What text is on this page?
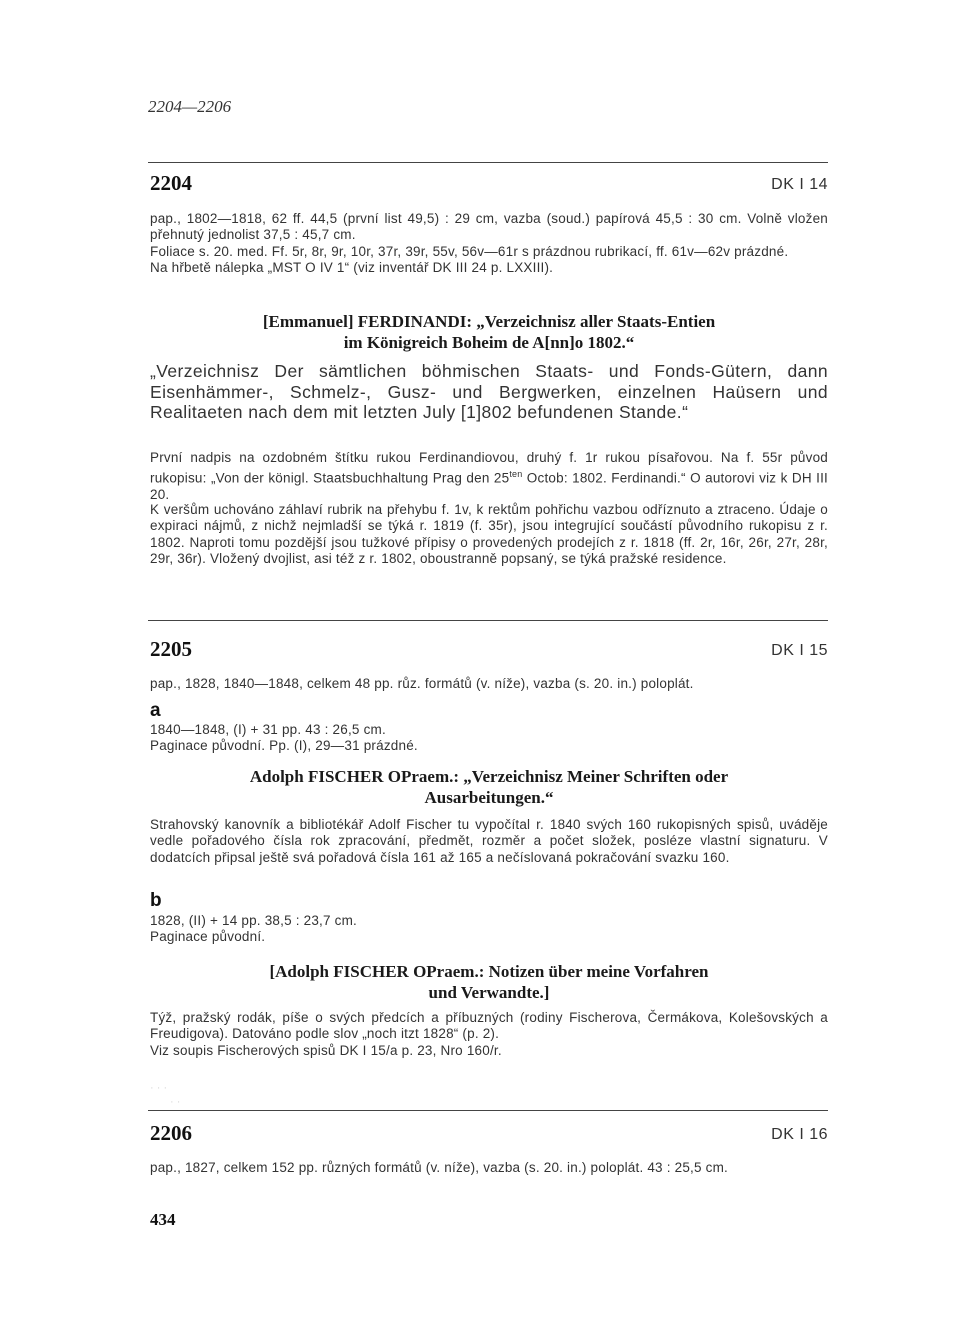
2204—2206
2204	DK I 14
pap., 1802—1818, 62 ff. 44,5 (první list 49,5) : 29 cm, vazba (soud.) papírová 45,5 : 30 cm. Volně vložen přehnutý jednolist 37,5 : 45,7 cm.
Foliace s. 20. med. Ff. 5r, 8r, 9r, 10r, 37r, 39r, 55v, 56v—61r s prázdnou rubrikací, ff. 61v—62v prázdné.
Na hřbetě nálepka „MST O IV 1“ (viz inventář DK III 24 p. LXXIII).
[Emmanuel] FERDINANDI: „Verzeichnisz aller Staats-Entien
im Königreich Boheim de A[nn]o 1802.“
„Verzeichnisz Der sämtlichen böhmischen Staats- und Fonds-Gütern, dann Eisenhämmer-, Schmelz-, Gusz- und Bergwerken, einzelnen Haüsern und Realitaeten nach dem mit letzten July [1]802 befundenen Stande.“
První nadpis na ozdobném štítku rukou Ferdinandiovou, druhý f. 1r rukou písařovou. Na f. 55r původ rukopisu: „Von der königl. Staatsbuchhaltung Prag den $25^{ten}$ Octob: 1802. Ferdinandi.“ O autorovi viz k DH III 20.
K veršům uchováno záhlaví rubrik na přehybu f. 1v, k rektům pohřichu vazbou odříznuto a ztraceno. Údaje o expiraci nájmů, z nichž nejmladší se týká r. 1819 (f. 35r), jsou integrující součástí původního rukopisu z r. 1802. Naproti tomu pozdější jsou tužkové přípisy o provedených prodejích z r. 1818 (ff. 2r, 16r, 26r, 27r, 28r, 29r, 36r). Vložený dvojlist, asi též z r. 1802, oboustranně popsaný, se týká pražské residence.
2205	DK I 15
pap., 1828, 1840—1848, celkem 48 pp. růz. formátů (v. níže), vazba (s. 20. in.) poloplát.
a
1840—1848, (I) + 31 pp. 43 : 26,5 cm.
Paginace původní. Pp. (I), 29—31 prázdné.
Adolph FISCHER OPraem.: „Verzeichnisz Meiner Schriften oder
Ausarbeitungen.“
Strahovský kanovník a bibliotékář Adolf Fischer tu vypočítal r. 1840 svých 160 rukopisných spisů, uváděje vedle pořadového čísla rok zpracování, předmět, rozměr a počet složek, posléze vlastní signaturu. V dodatcích připsal ještě svá pořadová čísla 161 až 165 a nečíslovaná pokračování svazku 160.
b
1828, (II) + 14 pp. 38,5 : 23,7 cm.
Paginace původní.
[Adolph FISCHER OPraem.: Notizen über meine Vorfahren
und Verwandte.]
Týž, pražský rodák, píše o svých předcích a příbuzných (rodiny Fischerova, Čermákova, Kolešovských a Freudigova). Datováno podle slov „noch itzt 1828“ (p. 2).
Viz soupis Fischerových spisů DK I 15/a p. 23, Nro 160/r.
· · ·
· ·
2206	DK I 16
pap., 1827, celkem 152 pp. různých formátů (v. níže), vazba (s. 20. in.) poloplát. 43 : 25,5 cm.
434
